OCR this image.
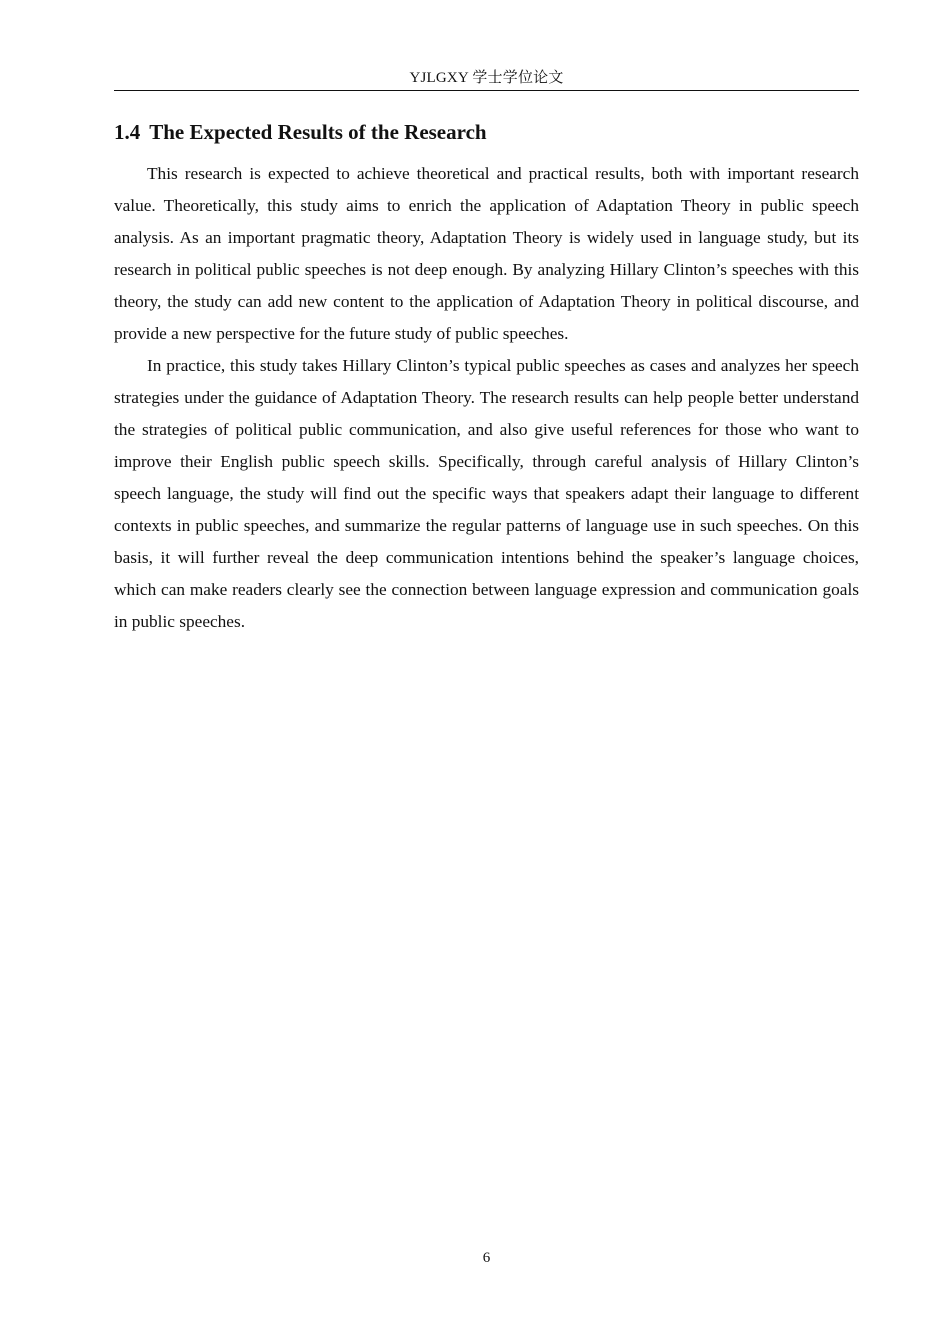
YJLGXY 学士学位论文
1.4 The Expected Results of the Research

This research is expected to achieve theoretical and practical results, both with important research value. Theoretically, this study aims to enrich the application of Adaptation Theory in public speech analysis. As an important pragmatic theory, Adaptation Theory is widely used in language study, but its research in political public speeches is not deep enough. By analyzing Hillary Clinton’s speeches with this theory, the study can add new content to the application of Adaptation Theory in political discourse, and provide a new perspective for the future study of public speeches.

In practice, this study takes Hillary Clinton’s typical public speeches as cases and analyzes her speech strategies under the guidance of Adaptation Theory. The research results can help people better understand the strategies of political public communication, and also give useful references for those who want to improve their English public speech skills. Specifically, through careful analysis of Hillary Clinton’s speech language, the study will find out the specific ways that speakers adapt their language to different contexts in public speeches, and summarize the regular patterns of language use in such speeches. On this basis, it will further reveal the deep communication intentions behind the speaker’s language choices, which can make readers clearly see the connection between language expression and communication goals in public speeches.

6
